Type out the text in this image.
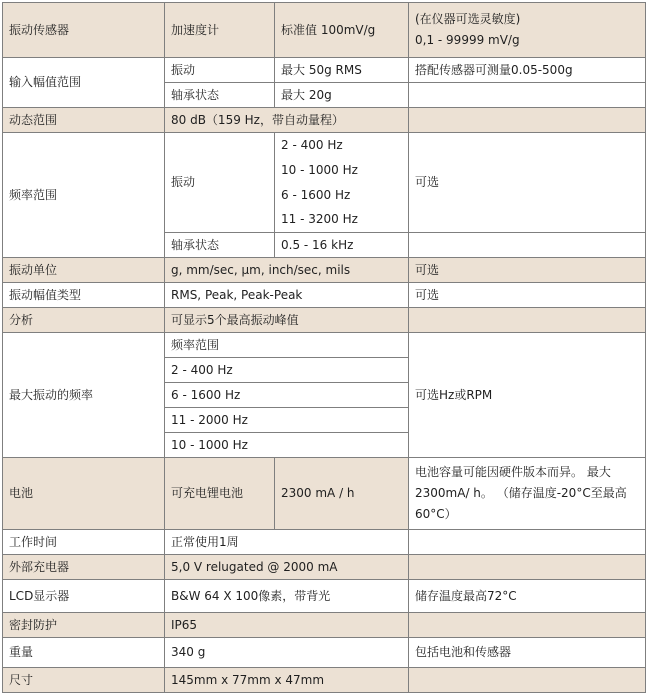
振动传感器	加速度计	标准值 100mV/g	(在仪器可选灵敏度)
0,1 - 99999 mV/g

输入幅值范围	振动	最大 50g RMS	搭配传感器可测量0.05-500g
	轴承状态	最大 20g	
动态范围	80 dB（159 Hz，带自动量程）		
频率范围	振动	2 - 400 Hz	可选
		10 - 1000 Hz	
		6 - 1600 Hz	
		11 - 3200 Hz	
	轴承状态	0.5 - 16 kHz	
振动单位	g, mm/sec, µm, inch/sec, mils		可选
振动幅值类型	RMS, Peak, Peak-Peak		可选
分析	可显示5个最高振动峰值		
最大振动的频率	频率范围		可选Hz或RPM
	2 - 400 Hz		
	6 - 1600 Hz		
	11 - 2000 Hz		
	10 - 1000 Hz		
电池	可充电锂电池	2300 mA / h	电池容量可能因硬件版本而异。 最大2300mA/ h。 （储存温度-20°C至最高60°C）
工作时间	正常使用1周		
外部充电器	5,0 V relugated @ 2000 mA		
LCD显示器	B&W 64 X 100像素，带背光		储存温度最高72°C
密封防护	IP65		
重量	340 g		包括电池和传感器
尺寸	145mm x 77mm x 47mm		
